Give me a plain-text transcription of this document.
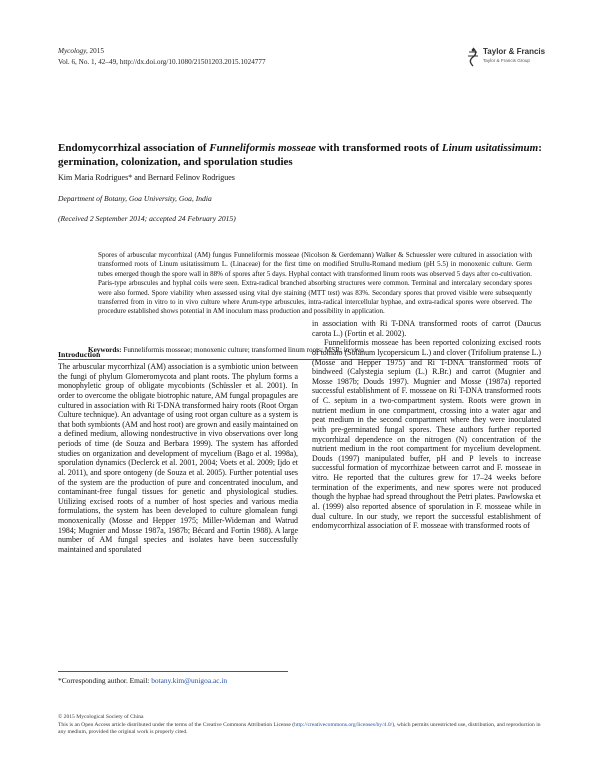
Mycology, 2015
Vol. 6, No. 1, 42–49, http://dx.doi.org/10.1080/21501203.2015.1024777
Taylor & Francis
Taylor & Francis Group
Endomycorrhizal association of Funneliformis mosseae with transformed roots of Linum usitatissimum: germination, colonization, and sporulation studies
Kim Maria Rodrigues* and Bernard Felinov Rodrigues
Department of Botany, Goa University, Goa, India
(Received 2 September 2014; accepted 24 February 2015)
Spores of arbuscular mycorrhizal (AM) fungus Funneliformis mosseae (Nicolson & Gerdemann) Walker & Schuessler were cultured in association with transformed roots of Linum usitatissimum L. (Linaceae) for the first time on modified Strullu-Romand medium (pH 5.5) in monoxenic culture. Germ tubes emerged though the spore wall in 88% of spores after 5 days. Hyphal contact with transformed linum roots was observed 5 days after co-cultivation. Paris-type arbuscules and hyphal coils were seen. Extra-radical branched absorbing structures were common. Terminal and intercalary secondary spores were also formed. Spore viability when assessed using vital dye staining (MTT test) was 83%. Secondary spores that proved visible were subsequently transferred from in vitro to in vivo culture where Arum-type arbuscules, intra-radical intercellular hyphae, and extra-radical spores were observed. The procedure established shows potential in AM inoculum mass production and possibility in application.
Keywords: Funneliformis mosseae; monoxenic culture; transformed linum roots; MSR; in vivo
Introduction

The arbuscular mycorrhizal (AM) association is a symbiotic union between the fungi of phylum Glomeromycota and plant roots. The phylum forms a monophyletic group of obligate mycobionts (Schüssler et al. 2001). In order to overcome the obligate biotrophic nature, AM fungal propagules are cultured in association with Ri T-DNA transformed hairy roots (Root Organ Culture technique). An advantage of using root organ culture as a system is that both symbionts (AM and host root) are grown and easily maintained on a defined medium, allowing nondestructive in vivo observations over long periods of time (de Souza and Berbara 1999). The system has afforded studies on organization and development of mycelium (Bago et al. 1998a), sporulation dynamics (Declerck et al. 2001, 2004; Voets et al. 2009; Ijdo et al. 2011), and spore ontogeny (de Souza et al. 2005). Further potential uses of the system are the production of pure and concentrated inoculum, and contaminant-free fungal tissues for genetic and physiological studies. Utilizing excised roots of a number of host species and various media formulations, the system has been developed to culture glomalean fungi monoxenically (Mosse and Hepper 1975; Miller-Wideman and Watrud 1984; Mugnier and Mosse 1987a, 1987b; Bécard and Fortin 1988). A large number of AM fungal species and isolates have been successfully maintained and sporulated

in association with Ri T-DNA transformed roots of carrot (Daucus carota L.) (Fortin et al. 2002).

Funneliformis mosseae has been reported colonizing excised roots of tomato (Solanum lycopersicum L.) and clover (Trifolium pratense L.) (Mosse and Hepper 1975) and Ri T-DNA transformed roots of bindweed (Calystegia sepium (L.) R.Br.) and carrot (Mugnier and Mosse 1987b; Douds 1997). Mugnier and Mosse (1987a) reported successful establishment of F. mosseae on Ri T-DNA transformed roots of C. sepium in a two-compartment system. Roots were grown in nutrient medium in one compartment, crossing into a water agar and peat medium in the second compartment where they were inoculated with pre-germinated fungal spores. These authors further reported mycorrhizal dependence on the nitrogen (N) concentration of the nutrient medium in the root compartment for mycelium development. Douds (1997) manipulated buffer, pH and P levels to increase successful formation of mycorrhizae between carrot and F. mosseae in vitro. He reported that the cultures grew for 17–24 weeks before termination of the experiments, and new spores were not produced though the hyphae had spread throughout the Petri plates. Pawlowska et al. (1999) also reported absence of sporulation in F. mosseae while in dual culture. In our study, we report the successful establishment of endomycorrhizal association of F. mosseae with transformed roots of

*Corresponding author. Email: botany.kim@unigoa.ac.in
© 2015 Mycological Society of China
This is an Open Access article distributed under the terms of the Creative Commons Attribution License (http://creativecommons.org/licenses/by/4.0/), which permits unrestricted use, distribution, and reproduction in any medium, provided the original work is properly cited.
